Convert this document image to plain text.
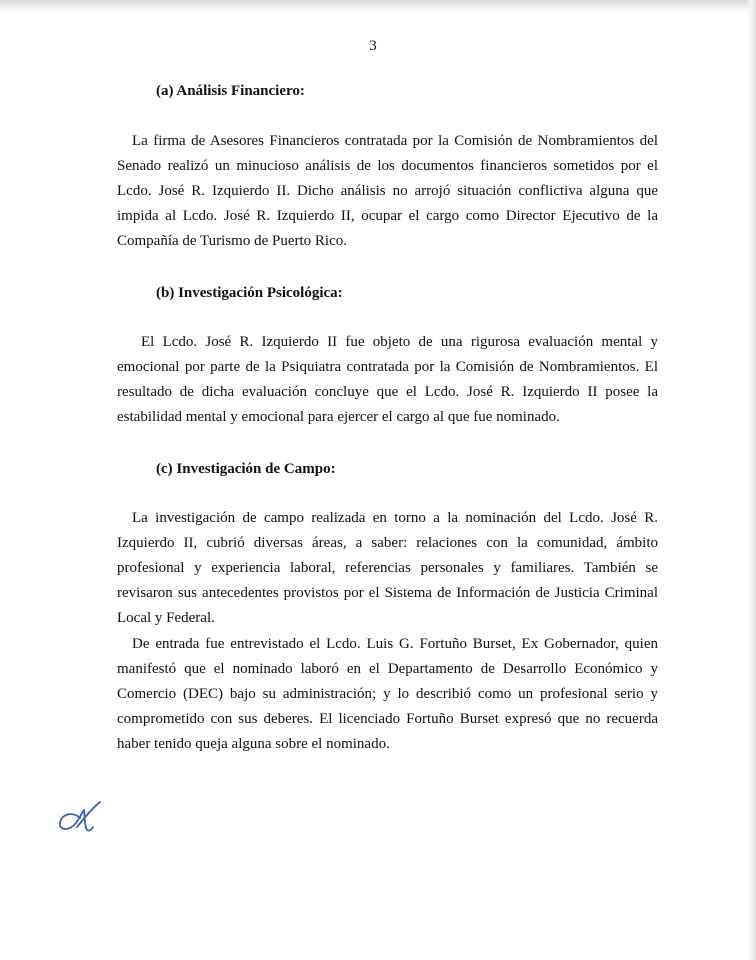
3
(a) Análisis Financiero:

La firma de Asesores Financieros contratada por la Comisión de Nombramientos del Senado realizó un minucioso análisis de los documentos financieros sometidos por el Lcdo. José R. Izquierdo II. Dicho análisis no arrojó situación conflictiva alguna que impida al Lcdo. José R. Izquierdo II, ocupar el cargo como Director Ejecutivo de la Compañía de Turismo de Puerto Rico.

(b) Investigación Psicológica:

El Lcdo. José R. Izquierdo II fue objeto de una rigurosa evaluación mental y emocional por parte de la Psiquiatra contratada por la Comisión de Nombramientos. El resultado de dicha evaluación concluye que el Lcdo. José R. Izquierdo II posee la estabilidad mental y emocional para ejercer el cargo al que fue nominado.

(c) Investigación de Campo:

La investigación de campo realizada en torno a la nominación del Lcdo. José R. Izquierdo II, cubrió diversas áreas, a saber: relaciones con la comunidad, ámbito profesional y experiencia laboral, referencias personales y familiares. También se revisaron sus antecedentes provistos por el Sistema de Información de Justicia Criminal Local y Federal.

De entrada fue entrevistado el Lcdo. Luis G. Fortuño Burset, Ex Gobernador, quien manifestó que el nominado laboró en el Departamento de Desarrollo Económico y Comercio (DEC) bajo su administración; y lo describió como un profesional serio y comprometido con sus deberes. El licenciado Fortuño Burset expresó que no recuerda haber tenido queja alguna sobre el nominado.
